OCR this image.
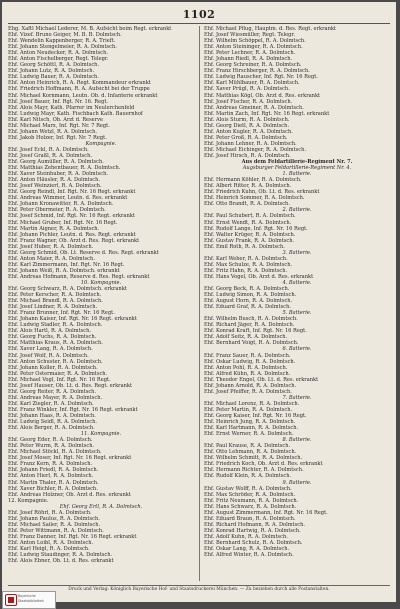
1102
Ehg. Xaftl Michael Lederer, M. B. Aufsicht beim Regt. erkrankt
Ehf. Vizef. Bruno Geiger, M. B. B. Dolmtsch.
Ehf. Wendelin Kappenberger, R. A. Trieft.
Ehf. Johann Stengelmeier, R. A. Dolmtsch.
Ehf. Anton Neudecker, R. A. Dolmtsch.
Ehf. Anton Fischelberger, Regt. Telegr.
Ehf. Georg Schöttl, R. A. Dolmtsch.
Ehf. Johann Lutz, R. A. Dolmtsch.
Ehf. Ludwig Bauer, R. A. Dolmtsch.
Ehf. Anton Heinrich, R. A. Regt. Kommandeur erkrankt
Ehf. Friedrich Hoffmann, R. A. Aufsicht bei der Truppe
Ehf. Michael Kornmann, Leutn. Ob. d. Infanterie erkrankt
Ehf. Josef Bauer, Inf. Rgt. Nr. 16. Regt.
Ehf. Alois Mayr, Kath. Pfarrer im Neulerchenfeld
Ehf. Ludwig Mayr, Kath. Fischbach Kath. Bauernhof
Ehf. Karl Nitsch, Ob. Arzt d. Reserve
Ehf. Michael Marx, Inf. Rgt. Nr. 7 Regt.
Ehf. Johann Wetzl, R. A. Dolmtsch.
Ehf. Jakob Holzer, Inf. Rgt. Nr. 7 Regt.
Kompagnie.
Ehf. Josef Eckl, R. A. Dolmtsch.
Ehf. Josef Graßl, R. A. Dolmtsch.
Ehf. Georg Aumüller, R. A. Dolmtsch.
Ehf. Matthias Zehentbauer, R. A. Dolmtsch.
Ehf. Xaver Steinhuber, R. A. Dolmtsch.
Ehf. Anton Häusler, R. A. Dolmtsch.
Ehf. Josef Weinzierl, R. A. Dolmtsch.
Ehf. Georg Reindl, Inf. Rgt. Nr. 16 Regt. erkrankt
Ehf. Andreas Wimmer, Leutn. d. Res. erkrankt
Ehf. Johann Kronawitter, R. A. Dolmtsch.
Ehf. Peter Obermeier, R. A. Dolmtsch.
Ehf. Josef Schmid, Inf. Rgt. Nr. 16 Regt. erkrankt
Ehf. Michael Gruber, Inf. Rgt. Nr. 16 Regt.
Ehf. Martin Aigner, R. A. Dolmtsch.
Ehf. Johann Pichler, Leutn. d. Res. Regt. erkrankt
Ehf. Franz Wagner, Ob. Arzt d. Res. Regt. erkrankt
Ehf. Josef Huber, R. A. Dolmtsch.
Ehf. Georg Schmid, Ob. Lt. Reserve d. Res. Regt. erkrankt
Ehf. Anton Maier, R. A. Dolmtsch.
Ehf. Karl Zimmermann, Inf. Rgt. Nr. 16 Regt.
Ehf. Johann Weiß, R. A. Dolmtsch. erkrankt
Ehf. Andreas Hofmann, Reserve d. Res. Regt. erkrankt
10. Kompagnie.
Ehf. Georg Schwarz, R. A. Dolmtsch. erkrankt
Ehf. Peter Kerscher, R. A. Dolmtsch.
Ehf. Michael Brandl, R. A. Dolmtsch.
Ehf. Josef Lindner, R. A. Dolmtsch.
Ehf. Franz Brunner, Inf. Rgt. Nr. 16 Regt.
Ehf. Johann Kaiser, Inf. Rgt. Nr. 16 Regt. erkrankt
Ehf. Ludwig Stadler, R. A. Dolmtsch.
Ehf. Alois Hartl, R. A. Dolmtsch.
Ehf. Georg Fuchs, R. A. Dolmtsch.
Ehf. Matthias Kraus, R. A. Dolmtsch.
Ehf. Xaver Lang, R. A. Dolmtsch.
Ehf. Josef Wolf, R. A. Dolmtsch.
Ehf. Anton Schuster, R. A. Dolmtsch.
Ehf. Johann Koller, R. A. Dolmtsch.
Ehf. Peter Ostermaier, R. A. Dolmtsch.
Ehf. Michael Vogl, Inf. Rgt. Nr. 16 Regt.
Ehf. Josef Hauser, Ob. Lt. d. Res. Regt. erkrankt
Ehf. Georg Reiter, R. A. Dolmtsch.
Ehf. Andreas Mayer, R. A. Dolmtsch.
Ehf. Karl Ziegler, R. A. Dolmtsch.
Ehf. Franz Winkler, Inf. Rgt. Nr. 16 Regt. erkrankt
Ehf. Johann Haas, R. A. Dolmtsch.
Ehf. Ludwig Seidl, R. A. Dolmtsch.
Ehf. Alois Berger, R. A. Dolmtsch.
11. Kompagnie.
Ehf. Georg Eder, R. A. Dolmtsch.
Ehf. Peter Wurm, R. A. Dolmtsch.
Ehf. Michael Stöckl, R. A. Dolmtsch.
Ehf. Josef Moser, Inf. Rgt. Nr. 16 Regt. erkrankt
Ehf. Franz Kern, R. A. Dolmtsch.
Ehf. Johann Friedl, R. A. Dolmtsch.
Ehf. Anton Hierl, R. A. Dolmtsch.
Ehf. Martin Thaler, R. A. Dolmtsch.
Ehf. Xaver Bichler, R. A. Dolmtsch.
Ehf. Andreas Holzner, Ob. Arzt d. Res. erkrankt
12. Kompagnie.
Ehf. Georg Ertl, R. A. Dolmtsch.
Ehf. Josef Röhrl, R. A. Dolmtsch.
Ehf. Johann Paulus, R. A. Dolmtsch.
Ehf. Michael Sailer, R. A. Dolmtsch.
Ehf. Peter Wittmann, R. A. Dolmtsch.
Ehf. Franz Danner, Inf. Rgt. Nr. 16 Regt. erkrankt
Ehf. Anton Loibl, R. A. Dolmtsch.
Ehf. Karl Heigl, R. A. Dolmtsch.
Ehf. Ludwig Staudinger, R. A. Dolmtsch.
Ehf. Alois Ebner, Ob. Lt. d. Res. erkrankt
Ehf. Michael Pflug, Hauptm. d. Res. Regt. erkrankt
Ehf. Josef Wiesmüller, Regt. Telegr.
Ehf. Wilhelm Schöppel, R. A. Dolmtsch.
Ehf. Anton Steininger, R. A. Dolmtsch.
Ehf. Peter Lechner, R. A. Dolmtsch.
Ehf. Johann Riedl, R. A. Dolmtsch.
Ehf. Georg Schreiner, R. A. Dolmtsch.
Ehf. Franz Hirschberger, R. A. Dolmtsch.
Ehf. Ludwig Rauscher, Inf. Rgt. Nr. 16 Regt.
Ehf. Karl Mühlbauer, R. A. Dolmtsch.
Ehf. Xaver Prügl, R. A. Dolmtsch.
Ehf. Matthias Kögl, Ob. Arzt d. Res. erkrankt
Ehf. Josef Fischer, R. A. Dolmtsch.
Ehf. Andreas Gmeiner, R. A. Dolmtsch.
Ehf. Martin Zach, Inf. Rgt. Nr. 16 Regt. erkrankt
Ehf. Alois Sturm, R. A. Dolmtsch.
Ehf. Georg Dietl, R. A. Dolmtsch.
Ehf. Anton Kugler, R. A. Dolmtsch.
Ehf. Peter Groß, R. A. Dolmtsch.
Ehf. Johann Lehner, R. A. Dolmtsch.
Ehf. Michael Eichinger, R. A. Dolmtsch.
Ehf. Josef Hirsch, R. A. Dolmtsch.
Aus dem Feldartillerie-Regiment Nr. 7.
Augsburger Feldartillerie-Regiment Nr. 4.
1. Batterie.
Ehf. Hermann Köhler, R. A. Dolmtsch.
Ehf. Albert Ritter, R. A. Dolmtsch.
Ehf. Friedrich Kuhn, Ob. Lt. d. Res. erkrankt
Ehf. Heinrich Sommer, R. A. Dolmtsch.
Ehf. Otto Brandt, R. A. Dolmtsch.
2. Batterie.
Ehf. Paul Schubert, R. A. Dolmtsch.
Ehf. Ernst Wendt, R. A. Dolmtsch.
Ehf. Rudolf Lange, Inf. Rgt. Nr. 16 Regt.
Ehf. Walter Krüger, R. A. Dolmtsch.
Ehf. Gustav Frank, R. A. Dolmtsch.
Ehf. Emil Roth, R. A. Dolmtsch.
3. Batterie.
Ehf. Karl Weber, R. A. Dolmtsch.
Ehf. Max Schulze, R. A. Dolmtsch.
Ehf. Fritz Hahn, R. A. Dolmtsch.
Ehf. Hans Vogel, Ob. Arzt d. Res. erkrankt
4. Batterie.
Ehf. Georg Beck, R. A. Dolmtsch.
Ehf. Ludwig Simon, R. A. Dolmtsch.
Ehf. August Horn, R. A. Dolmtsch.
Ehf. Eduard Graf, R. A. Dolmtsch.
5. Batterie.
Ehf. Wilhelm Busch, R. A. Dolmtsch.
Ehf. Richard Jäger, R. A. Dolmtsch.
Ehf. Konrad Kraft, Inf. Rgt. Nr. 16 Regt.
Ehf. Adolf Seitz, R. A. Dolmtsch.
Ehf. Bernhard Voigt, R. A. Dolmtsch.
6. Batterie.
Ehf. Franz Sauer, R. A. Dolmtsch.
Ehf. Oskar Ludwig, R. A. Dolmtsch.
Ehf. Anton Pohl, R. A. Dolmtsch.
Ehf. Alfred Kühn, R. A. Dolmtsch.
Ehf. Theodor Engel, Ob. Lt. d. Res. erkrankt
Ehf. Johann Arnold, R. A. Dolmtsch.
Ehf. Josef Pfeiffer, R. A. Dolmtsch.
7. Batterie.
Ehf. Michael Lorenz, R. A. Dolmtsch.
Ehf. Peter Martin, R. A. Dolmtsch.
Ehf. Georg Kaiser, Inf. Rgt. Nr. 16 Regt.
Ehf. Heinrich Jung, R. A. Dolmtsch.
Ehf. Karl Hartmann, R. A. Dolmtsch.
Ehf. Ernst Werner, R. A. Dolmtsch.
8. Batterie.
Ehf. Paul Krause, R. A. Dolmtsch.
Ehf. Otto Lehmann, R. A. Dolmtsch.
Ehf. Wilhelm Schmitt, R. A. Dolmtsch.
Ehf. Friedrich Koch, Ob. Arzt d. Res. erkrankt
Ehf. Hermann Richter, R. A. Dolmtsch.
Ehf. Rudolf Klein, R. A. Dolmtsch.
9. Batterie.
Ehf. Gustav Wolff, R. A. Dolmtsch.
Ehf. Max Schröder, R. A. Dolmtsch.
Ehf. Fritz Neumann, R. A. Dolmtsch.
Ehf. Hans Schwarz, R. A. Dolmtsch.
Ehf. August Zimmermann, Inf. Rgt. Nr. 16 Regt.
Ehf. Eduard Braun, R. A. Dolmtsch.
Ehf. Richard Hofmann, R. A. Dolmtsch.
Ehf. Konrad Hartwig, R. A. Dolmtsch.
Ehf. Adolf Kuhn, R. A. Dolmtsch.
Ehf. Bernhard Schulz, R. A. Dolmtsch.
Ehf. Oskar Lang, R. A. Dolmtsch.
Ehf. Alfred Winter, R. A. Dolmtsch.
Druck und Verlag: Königlich Bayerische Hof- und Staatsdruckerei München. — Zu beziehen durch alle Postanstalten.
Bayerische
Staatsbibliothek
